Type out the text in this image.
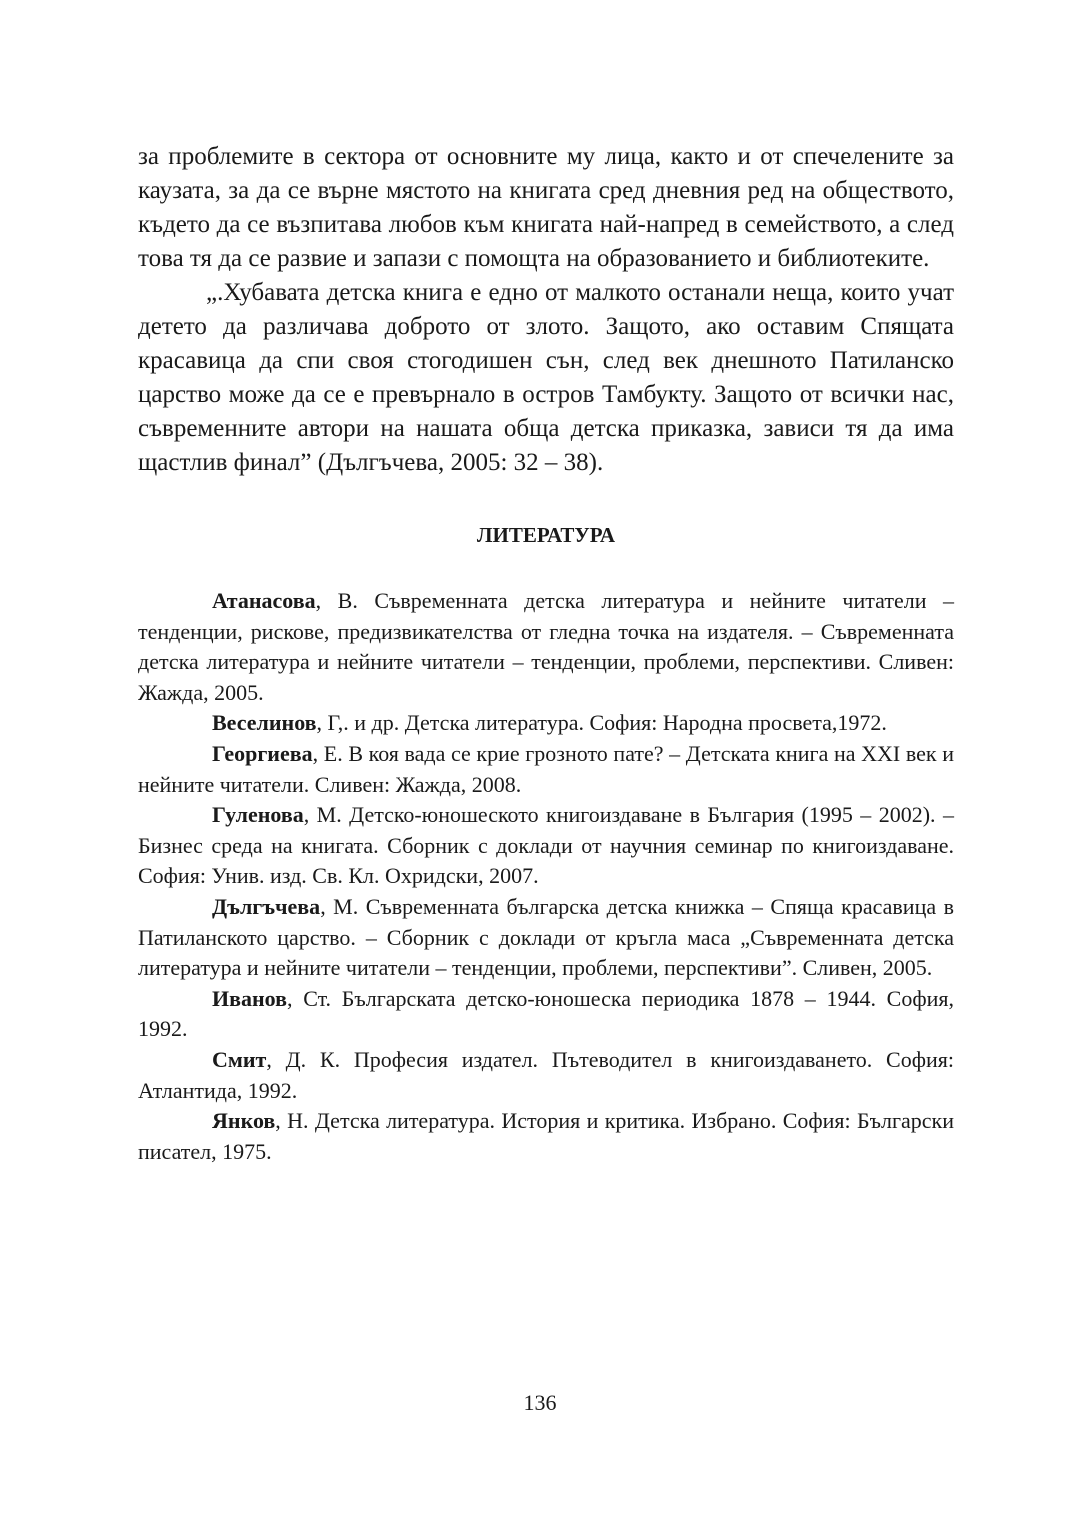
за проблемите в сектора от основните му лица, както и от спечелените за каузата, за да се върне мястото на книгата сред дневния ред на обществото, където да се възпитава любов към книгата най-напред в семейството, а след това тя да се развие и запази с помощта на образованието и библиотеките.

„.Хубавата детска книга е едно от малкото останали неща, които учат детето да различава доброто от злото. Защото, ако оставим Спящата красавица да спи своя стогодишен сън, след век днешното Патиланско царство може да се е превърнало в остров Тамбукту. Защото от всички нас, съвременните автори на нашата обща детска приказка, зависи тя да има щастлив финал” (Дългъчева, 2005: 32 – 38).

ЛИТЕРАТУРА

Атанасова, В. Съвременната детска литература и нейните читатели – тенденции, рискове, предизвикателства от гледна точка на издателя. – Съвременната детска литература и нейните читатели – тенденции, проблеми, перспективи. Сливен: Жажда, 2005.

Веселинов, Г,. и др. Детска литература. София: Народна просвета,1972.

Георгиева, Е. В коя вада се крие грозното пате? – Детската книга на XXI век и нейните читатели. Сливен: Жажда, 2008.

Гуленова, М. Детско-юношеското книгоиздаване в България (1995 – 2002). – Бизнес среда на книгата. Сборник с доклади от научния семинар по книгоиздаване. София: Унив. изд. Св. Кл. Охридски, 2007.

Дългъчева, М. Съвременната българска детска книжка – Спяща красавица в Патиланското царство. – Сборник с доклади от кръгла маса „Съвременната детска литература и нейните читатели – тенденции, проблеми, перспективи”. Сливен, 2005.

Иванов, Ст. Българската детско-юношеска периодика 1878 – 1944. София, 1992.

Смит, Д. К. Професия издател. Пътеводител в книгоиздаването. София: Атлантида, 1992.

Янков, Н. Детска литература. История и критика. Избрано. София: Български писател, 1975.

136
